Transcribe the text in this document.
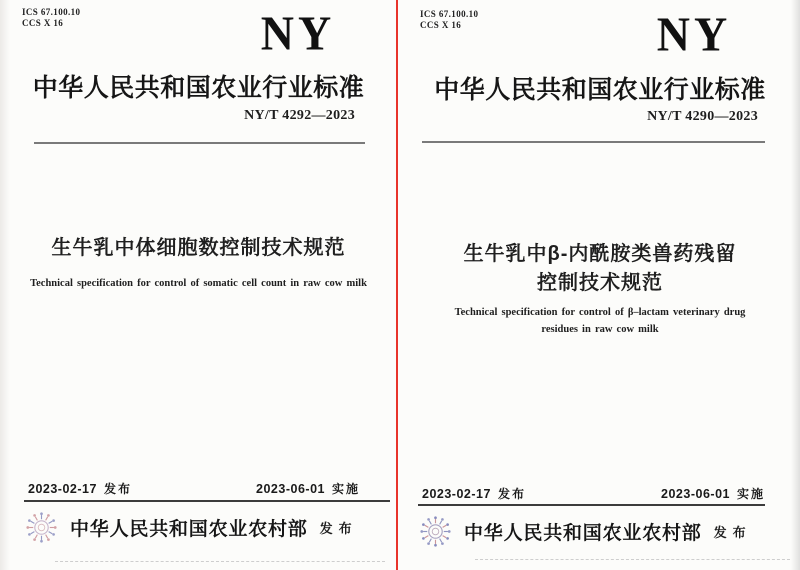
ICS 67.100.10
CCS X 16	NY
中华人民共和国农业行业标准
NY/T 4292—2023
生牛乳中体细胞数控制技术规范
Technical specification for control of somatic cell count in raw cow milk
2023-02-17 发布	2023-06-01 实施
中华人民共和国农业农村部 发布
ICS 67.100.10
CCS X 16	NY
中华人民共和国农业行业标准
NY/T 4290—2023
生牛乳中β-内酰胺类兽药残留
控制技术规范
Technical specification for control of β–lactam veterinary drug
residues in raw cow milk
2023-02-17 发布	2023-06-01 实施
中华人民共和国农业农村部 发布
